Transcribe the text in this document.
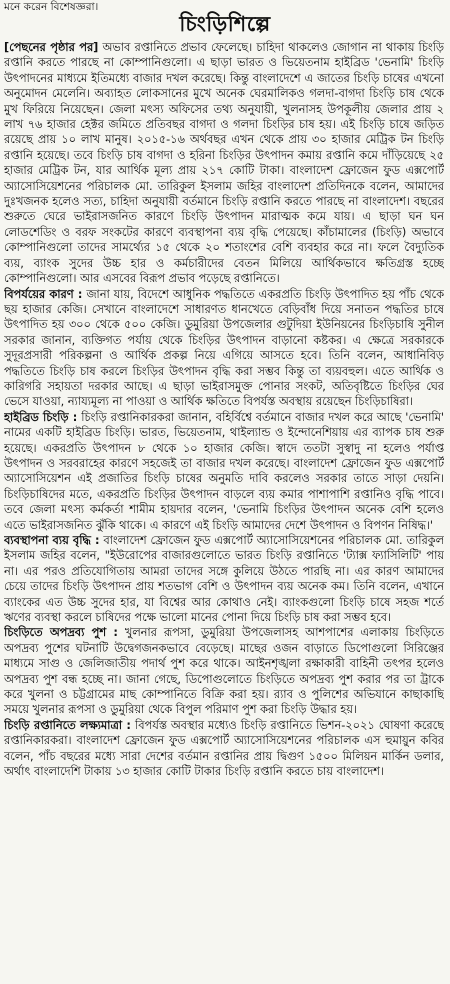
মনে করেন বিশেষজ্ঞরা।
চিংড়িশিল্পে

[পেছনের পৃষ্ঠার পর] অভাব রপ্তানিতে প্রভাব ফেলেছে। চাহিদা থাকলেও জোগান না থাকায় চিংড়ি রপ্তানি করতে পারছে না কোম্পানিগুলো। এ ছাড়া ভারত ও ভিয়েতনাম হাইব্রিড 'ভেনামি' চিংড়ি উৎপাদনের মাধ্যমে ইতিমধ্যে বাজার দখল করেছে। কিন্তু বাংলাদেশে এ জাতের চিংড়ি চাষের এখনো অনুমোদন মেলেনি। অব্যাহত লোকসানের মুখে অনেক ঘেরমালিকও গলদা-বাগদা চিংড়ি চাষ থেকে মুখ ফিরিয়ে নিয়েছেন। জেলা মৎস্য অফিসের তথ্য অনুযায়ী, খুলনাসহ উপকূলীয় জেলার প্রায় ২ লাখ ৭৬ হাজার হেক্টর জমিতে প্রতিবছর বাগদা ও গলদা চিংড়ির চাষ হয়। এই চিংড়ি চাষে জড়িত রয়েছে প্রায় ১০ লাখ মানুষ। ২০১৫-১৬ অর্থবছর এখন থেকে প্রায় ৩০ হাজার মেট্রিক টন চিংড়ি রপ্তানি হয়েছে। তবে চিংড়ি চাষ বাগদা ও হরিনা চিংড়ির উৎপাদন কমায় রপ্তানি কমে দাঁড়িয়েছে ২৫ হাজার মেট্রিক টন, যার আর্থিক মূল্য প্রায় ২১৭ কোটি টাকা। বাংলাদেশ ফ্রোজেন ফুড এক্সপোর্ট অ্যাসোসিয়েশনের পরিচালক মো. তারিকুল ইসলাম জহির বাংলাদেশ প্রতিদিনকে বলেন, আমাদের দুঃখজনক হলেও সত্য, চাহিদা অনুযায়ী বর্তমানে চিংড়ি রপ্তানি করতে পারছে না বাংলাদেশ। বছরের শুরুতে ঘেরে ভাইরাসজনিত কারণে চিংড়ি উৎপাদন মারাত্মক কমে যায়। এ ছাড়া ঘন ঘন লোডশেডিং ও বরফ সংকটের কারণে ব্যবস্থাপনা ব্যয় বৃদ্ধি পেয়েছে। কাঁচামালের (চিংড়ি) অভাবে কোম্পানিগুলো তাদের সামর্থ্যের ১৫ থেকে ২০ শতাংশের বেশি ব্যবহার করে না। ফলে বৈদ্যুতিক ব্যয়, ব্যাংক সুদের উচ্চ হার ও কর্মচারীদের বেতন মিলিয়ে আর্থিকভাবে ক্ষতিগ্রস্ত হচ্ছে কোম্পানিগুলো। আর এসবের বিরূপ প্রভাব পড়েছে রপ্তানিতে।

বিপর্যয়ের কারণ : জানা যায়, বিদেশে আধুনিক পদ্ধতিতে একরপ্রতি চিংড়ি উৎপাদিত হয় পাঁচ থেকে ছয় হাজার কেজি। সেখানে বাংলাদেশে সাধারণত ধানখেতে বেড়িবাঁধ দিয়ে সনাতন পদ্ধতির চাষে উৎপাদিত হয় ৩০০ থেকে ৫০০ কেজি। ডুমুরিয়া উপজেলার গুটুদিয়া ইউনিয়নের চিংড়িচাষি সুনীল সরকার জানান, ব্যক্তিগত পর্যায় থেকে চিংড়ির উৎপাদন বাড়ানো কষ্টকর। এ ক্ষেত্রে সরকারকে সুদূরপ্রসারী পরিকল্পনা ও আর্থিক প্রকল্প নিয়ে এগিয়ে আসতে হবে। তিনি বলেন, আধানিবিড় পদ্ধতিতে চিংড়ি চাষ করলে চিংড়ির উৎপাদন বৃদ্ধি করা সম্ভব কিন্তু তা ব্যয়বহুল। এতে আর্থিক ও কারিগরি সহায়তা দরকার আছে। এ ছাড়া ভাইরাসমুক্ত পোনার সংকট, অতিবৃষ্টিতে চিংড়ির ঘের ভেসে যাওয়া, ন্যায্যমূল্য না পাওয়া ও আর্থিক ক্ষতিতে বিপর্যস্ত অবস্থায় রয়েছেন চিংড়িচাষিরা।

হাইব্রিড চিংড়ি : চিংড়ি রপ্তানিকারকরা জানান, বহির্বিশ্বে বর্তমানে বাজার দখল করে আছে 'ভেনামি' নামের একটি হাইব্রিড চিংড়ি। ভারত, ভিয়েতনাম, থাইল্যান্ড ও ইন্দোনেশিয়ায় এর ব্যাপক চাষ শুরু হয়েছে। একরপ্রতি উৎপাদন ৮ থেকে ১০ হাজার কেজি। স্বাদে ততটা সুস্বাদু না হলেও পর্যাপ্ত উৎপাদন ও সরবরাহের কারণে সহজেই তা বাজার দখল করেছে। বাংলাদেশ ফ্রোজেন ফুড এক্সপোর্ট অ্যাসোসিয়েশন এই প্রজাতির চিংড়ি চাষের অনুমতি দাবি করলেও সরকার তাতে সাড়া দেয়নি। চিংড়িচাষিদের মতে, একরপ্রতি চিংড়ির উৎপাদন বাড়লে ব্যয় কমার পাশাপাশি রপ্তানিও বৃদ্ধি পাবে। তবে জেলা মৎস্য কর্মকর্তা শামীম হায়দার বলেন, 'ভেনামি চিংড়ির উৎপাদন অনেক বেশি হলেও এতে ভাইরাসজনিত ঝুঁকি থাকে। এ কারণে এই চিংড়ি আমাদের দেশে উৎপাদন ও বিপণন নিষিদ্ধ।'

ব্যবস্থাপনা ব্যয় বৃদ্ধি : বাংলাদেশ ফ্রোজেন ফুড এক্সপোর্ট অ্যাসোসিয়েশনের পরিচালক মো. তারিকুল ইসলাম জহির বলেন, "ইউরোপের বাজারগুলোতে ভারত চিংড়ি রপ্তানিতে 'ট্যাক্স ফ্যাসিলিটি' পায় না। এর পরও প্রতিযোগিতায় আমরা তাদের সঙ্গে কুলিয়ে উঠতে পারছি না। এর কারণ আমাদের চেয়ে তাদের চিংড়ি উৎপাদন প্রায় শতভাগ বেশি ও উৎপাদন ব্যয় অনেক কম। তিনি বলেন, এখানে ব্যাংকের এত উচ্চ সুদের হার, যা বিশ্বের আর কোথাও নেই। ব্যাংকগুলো চিংড়ি চাষে সহজ শর্তে ঋণের ব্যবস্থা করলে চাষিদের পক্ষে ভালো মানের পোনা দিয়ে চিংড়ি চাষ করা সম্ভব হবে।

চিংড়িতে অপদ্রব্য পুশ : খুলনার রূপসা, ডুমুরিয়া উপজেলাসহ আশপাশের এলাকায় চিংড়িতে অপদ্রব্য পুশের ঘটনাটি উদ্বেগজনকভাবে বেড়েছে। মাছের ওজন বাড়াতে ডিপোগুলো সিরিঞ্জের মাধ্যমে সাগু ও জেলিজাতীয় পদার্থ পুশ করে থাকে। আইনশৃঙ্খলা রক্ষাকারী বাহিনী তৎপর হলেও অপদ্রব্য পুশ বন্ধ হচ্ছে না। জানা গেছে, ডিপোগুলোতে চিংড়িতে অপদ্রব্য পুশ করার পর তা ট্রাকে করে খুলনা ও চট্টগ্রামের মাছ কোম্পানিতে বিক্রি করা হয়। র‌্যাব ও পুলিশের অভিযানে কাছাকাছি সময়ে খুলনার রূপসা ও ডুমুরিয়া থেকে বিপুল পরিমাণ পুশ করা চিংড়ি উদ্ধার হয়।

চিংড়ি রপ্তানিতে লক্ষ্যমাত্রা : বিপর্যস্ত অবস্থার মধ্যেও চিংড়ি রপ্তানিতে ভিশন-২০২১ ঘোষণা করেছে রপ্তানিকারকরা। বাংলাদেশ ফ্রোজেন ফুড এক্সপোর্ট অ্যাসোসিয়েশনের পরিচালক এস হুমায়ুন কবির বলেন, পাঁচ বছরের মধ্যে সারা দেশের বর্তমান রপ্তানির প্রায় দ্বিগুণ ১৫০০ মিলিয়ন মার্কিন ডলার, অর্থাৎ বাংলাদেশি টাকায় ১৩ হাজার কোটি টাকার চিংড়ি রপ্তানি করতে চায় বাংলাদেশ।
